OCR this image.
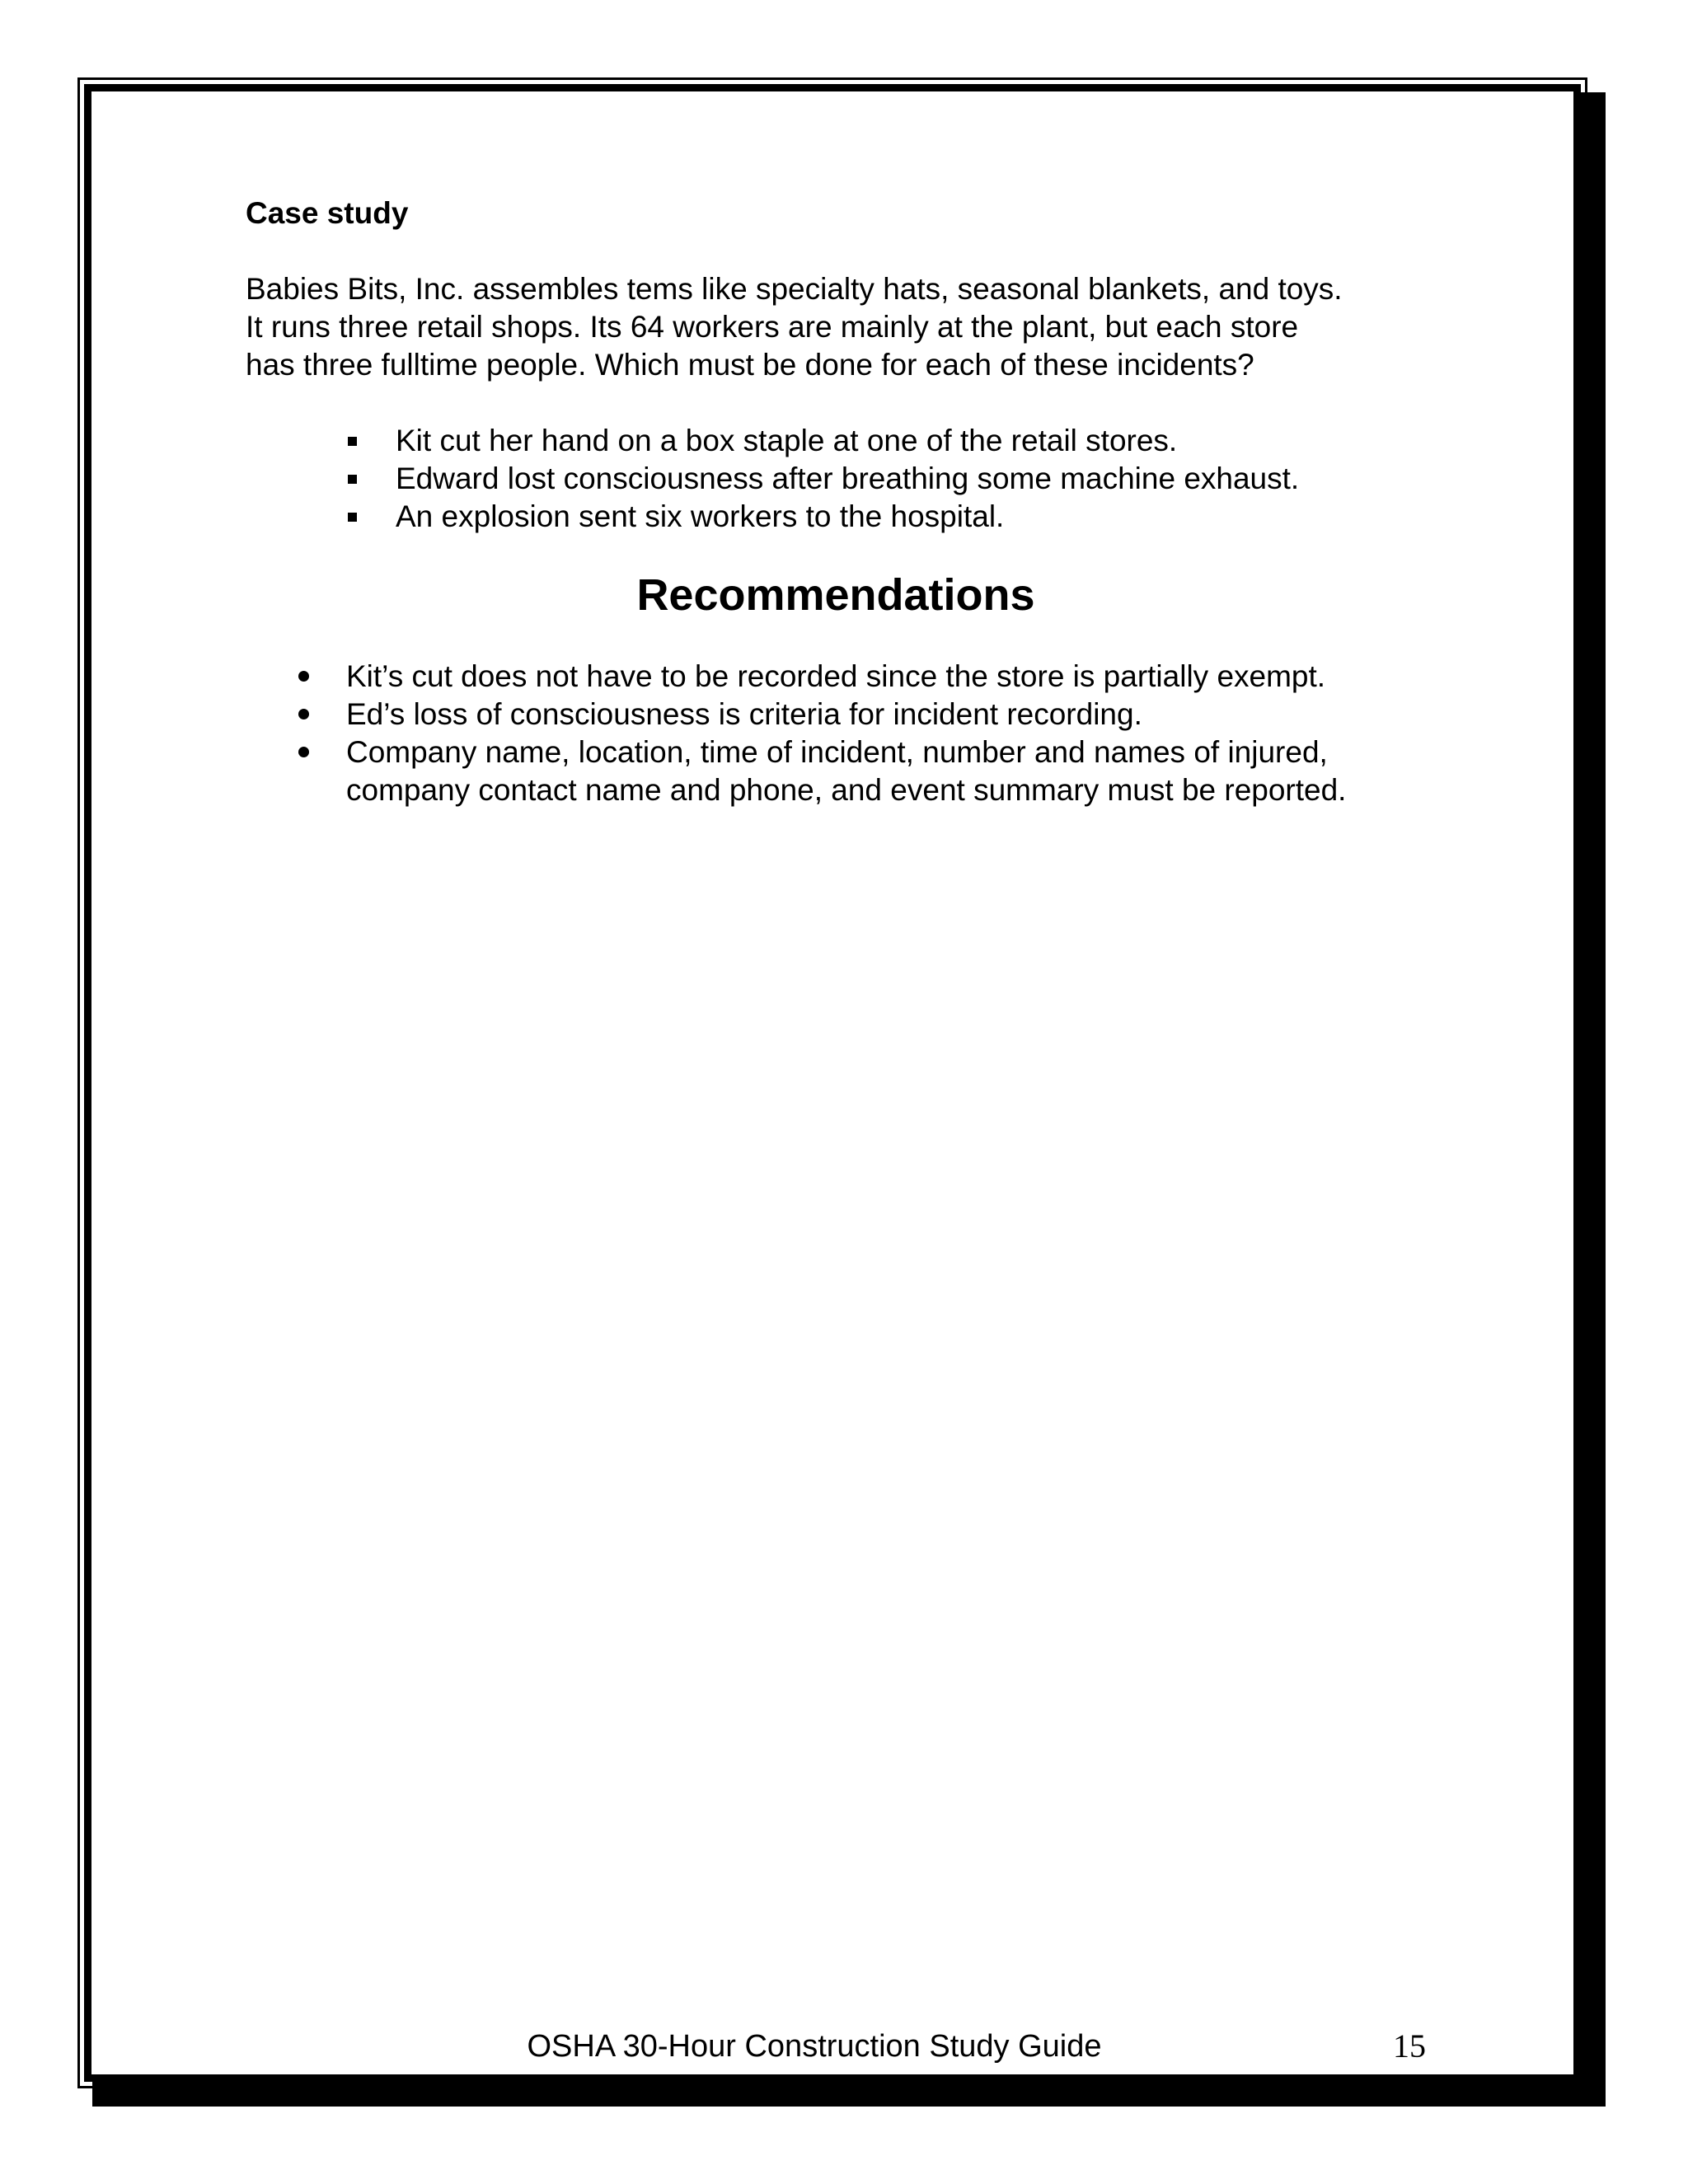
Case study
Babies Bits, Inc. assembles tems like specialty hats, seasonal blankets, and toys.
It runs three retail shops. Its 64 workers are mainly at the plant, but each store
has three fulltime people. Which must be done for each of these incidents?
Kit cut her hand on a box staple at one of the retail stores.
Edward lost consciousness after breathing some machine exhaust.
An explosion sent six workers to the hospital.
Recommendations
Kit’s cut does not have to be recorded since the store is partially exempt.
Ed’s loss of consciousness is criteria for incident recording.
Company name, location, time of incident, number and names of injured,
company contact name and phone, and event summary must be reported.
OSHA 30-Hour Construction Study Guide	15
